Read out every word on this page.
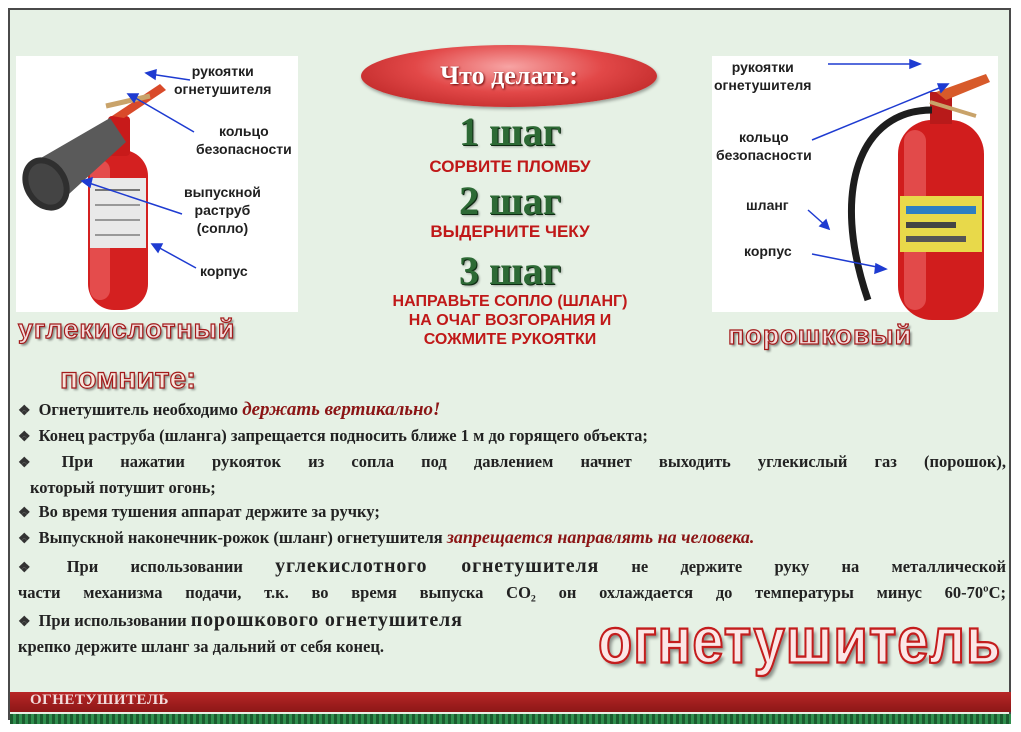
рукоятки
огнетушителя
кольцо
безопасности
выпускной
раструб
(сопло)
корпус
углекислотный
рукоятки
огнетушителя
кольцо
безопасности
шланг
корпус
порошковый
Что делать:
1 шаг
СОРВИТЕ ПЛОМБУ
2 шаг
ВЫДЕРНИТЕ ЧЕКУ
3 шаг
НАПРАВЬТЕ СОПЛО (ШЛАНГ)
НА ОЧАГ ВОЗГОРАНИЯ И
СОЖМИТЕ РУКОЯТКИ
помните:
❖ Огнетушитель необходимо держать вертикально!
❖ Конец раструба (шланга) запрещается подносить ближе 1 м до горящего объекта;
❖ При нажатии рукояток из сопла под давлением начнет выходить углекислый газ (порошок),
который потушит огонь;
❖ Во время тушения аппарат держите за ручку;
❖ Выпускной наконечник-рожок (шланг) огнетушителя запрещается направлять на человека.
❖ При использовании углекислотного огнетушителя не держите руку на металлической
части механизма подачи, т.к. во время выпуска CO₂ он охлаждается до температуры минус 60-70ºС;
❖ При использовании порошкового огнетушителя
крепко держите шланг за дальний от себя конец.	огнетушитель
ОГНЕТУШИТЕЛЬ
